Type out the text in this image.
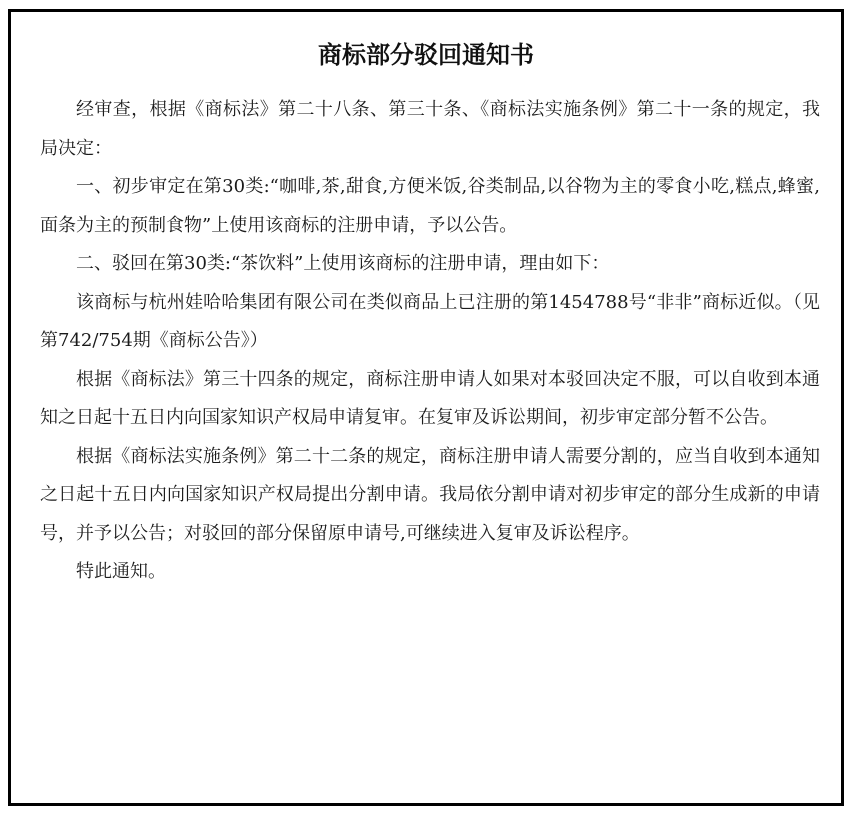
商标部分驳回通知书

经审查，根据《商标法》第二十八条、第三十条、《商标法实施条例》第二十一条的规定，我局决定：

一、初步审定在第30类:“咖啡,茶,甜食,方便米饭,谷类制品,以谷物为主的零食小吃,糕点,蜂蜜,面条为主的预制食物”上使用该商标的注册申请，予以公告。

二、驳回在第30类:“茶饮料”上使用该商标的注册申请，理由如下：

该商标与杭州娃哈哈集团有限公司在类似商品上已注册的第1454788号“非非”商标近似。（见第742/754期《商标公告》）

根据《商标法》第三十四条的规定，商标注册申请人如果对本驳回决定不服，可以自收到本通知之日起十五日内向国家知识产权局申请复审。在复审及诉讼期间，初步审定部分暂不公告。

根据《商标法实施条例》第二十二条的规定，商标注册申请人需要分割的，应当自收到本通知之日起十五日内向国家知识产权局提出分割申请。我局依分割申请对初步审定的部分生成新的申请号，并予以公告；对驳回的部分保留原申请号,可继续进入复审及诉讼程序。

特此通知。
